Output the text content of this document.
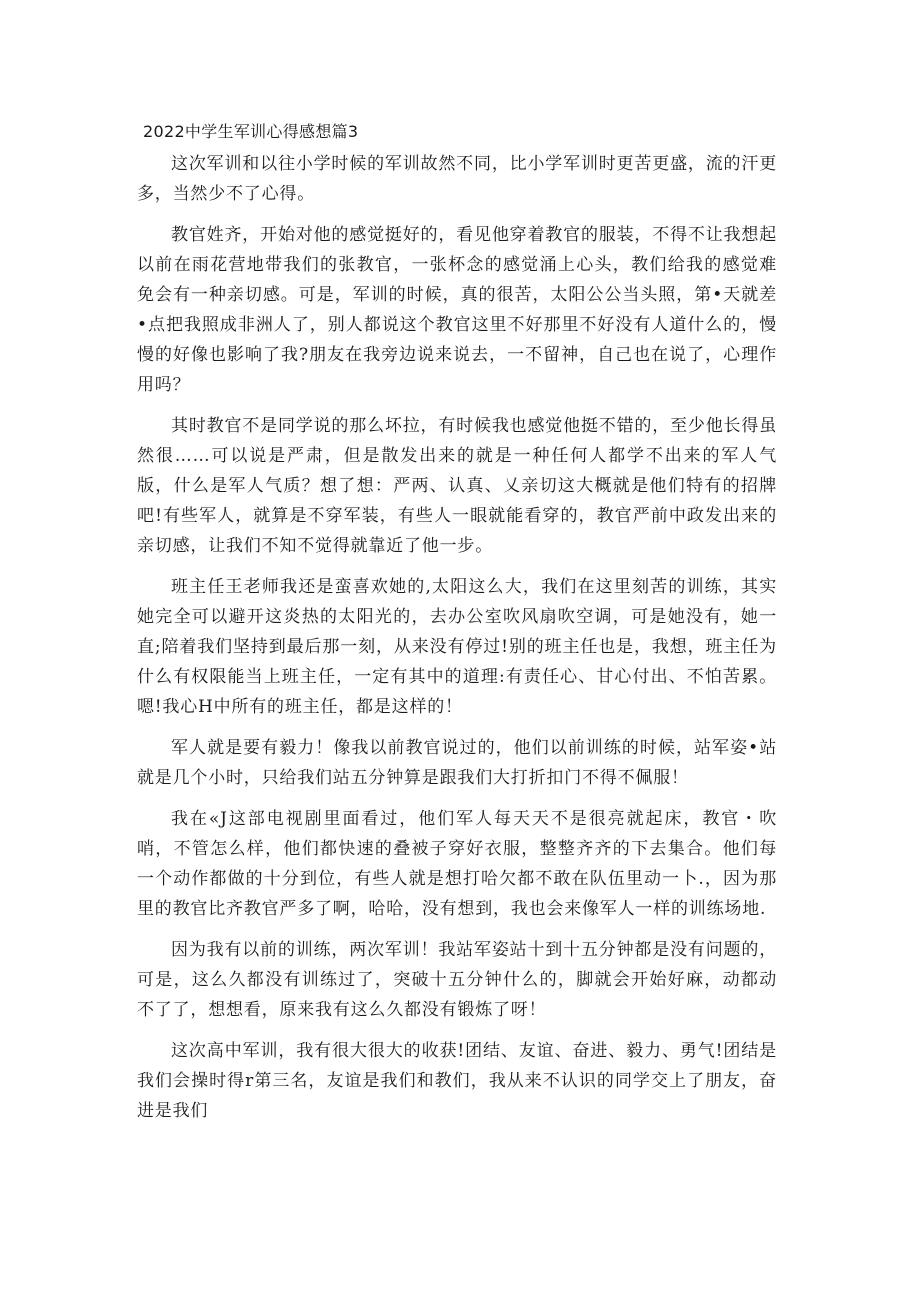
2022中学生军训心得感想篇3

这次军训和以往小学时候的军训故然不同，比小学军训时更苦更盛，流的汗更多，当然少不了心得。

教官姓齐，开始对他的感觉挺好的，看见他穿着教官的服装，不得不让我想起以前在雨花营地带我们的张教官，一张杯念的感觉涌上心头，教们给我的感觉难免会有一种亲切感。可是，军训的时候，真的很苦，太阳公公当头照，第•天就差•点把我照成非洲人了，别人都说这个教官这里不好那里不好没有人道什么的，慢慢的好像也影响了我?朋友在我旁边说来说去，一不留神，自己也在说了，心理作用吗？

其时教官不是同学说的那么坏拉，有时候我也感觉他挺不错的，至少他长得虽然很……可以说是严肃，但是散发出来的就是一种任何人都学不出来的军人气版，什么是军人气质？想了想：严两、认真、乂亲切这大概就是他们特有的招牌吧!有些军人，就算是不穿军装，有些人一眼就能看穿的，教官严前中政发出来的亲切感，让我们不知不觉得就靠近了他一步。

班主任王老师我还是蛮喜欢她的,太阳这么大，我们在这里刻苦的训练，其实她完全可以避开这炎热的太阳光的，去办公室吹风扇吹空调，可是她没有，她一直;陪着我们坚持到最后那一刻，从来没有停过!别的班主任也是，我想，班主任为什么有权限能当上班主任，一定有其中的道理:有责任心、甘心付出、不怕苦累。嗯!我心H中所有的班主任，都是这样的！

军人就是要有毅力！像我以前教官说过的，他们以前训练的时候，站军姿•站就是几个小时，只给我们站五分钟算是跟我们大打折扣门不得不佩服！

我在«J这部电视剧里面看过，他们军人每天天不是很亮就起床，教官・吹哨，不管怎么样，他们都快速的叠被子穿好衣服，整整齐齐的下去集合。他们每一个动作都做的十分到位，有些人就是想打哈欠都不敢在队伍里动一卜.，因为那里的教官比齐教官严多了啊，哈哈，没有想到，我也会来像军人一样的训练场地.

因为我有以前的训练，两次军训！我站军姿站十到十五分钟都是没有问题的，可是，这么久都没有训练过了，突破十五分钟什么的，脚就会开始好麻，动都动不了了，想想看，原来我有这么久都没有锻炼了呀！

这次高中军训，我有很大很大的收获!团结、友谊、奋进、毅力、勇气!团结是我们会操时得r第三名，友谊是我们和教们，我从来不认识的同学交上了朋友，奋进是我们
